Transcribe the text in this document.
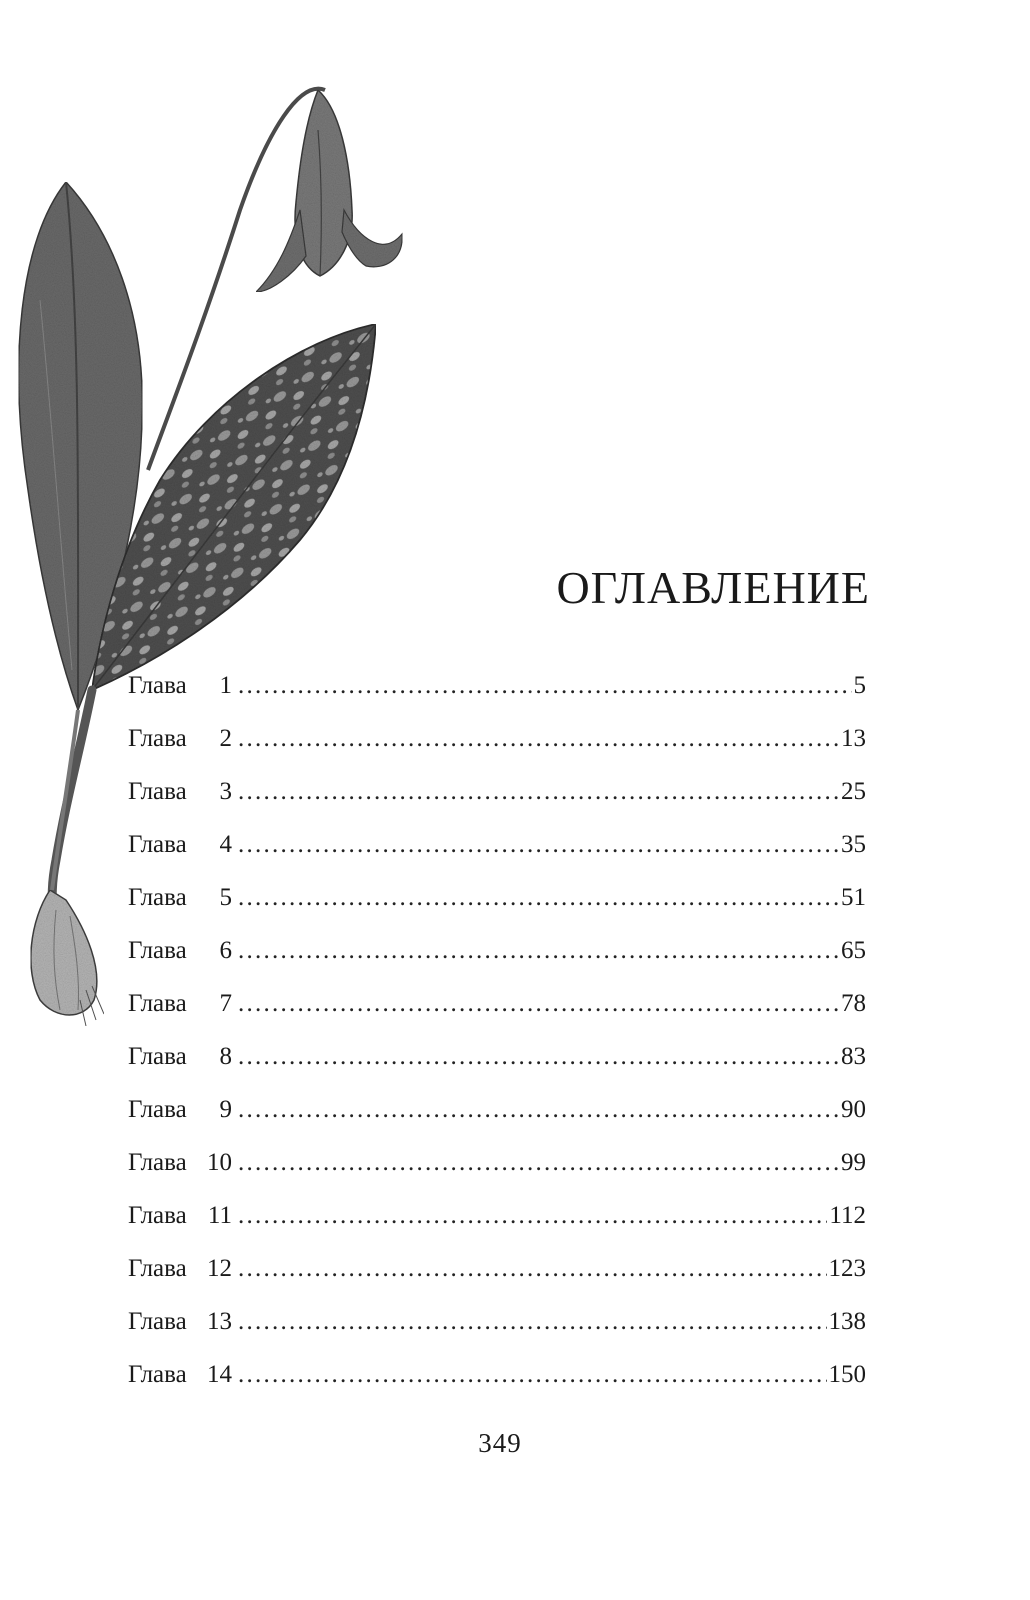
ОГЛАВЛЕНИЕ
Глава	1 . . .	5
Глава	2 . . .	13
Глава	3 . . .	25
Глава	4 . . .	35
Глава	5 . . .	51
Глава	6 . . .	65
Глава	7 . . .	78
Глава	8 . . .	83
Глава	9 . . .	90
Глава 10 . . .	99
Глава 11 . . .	112
Глава 12 . . .	123
Глава 13 . . .	138
Глава 14 . . .	150
349
